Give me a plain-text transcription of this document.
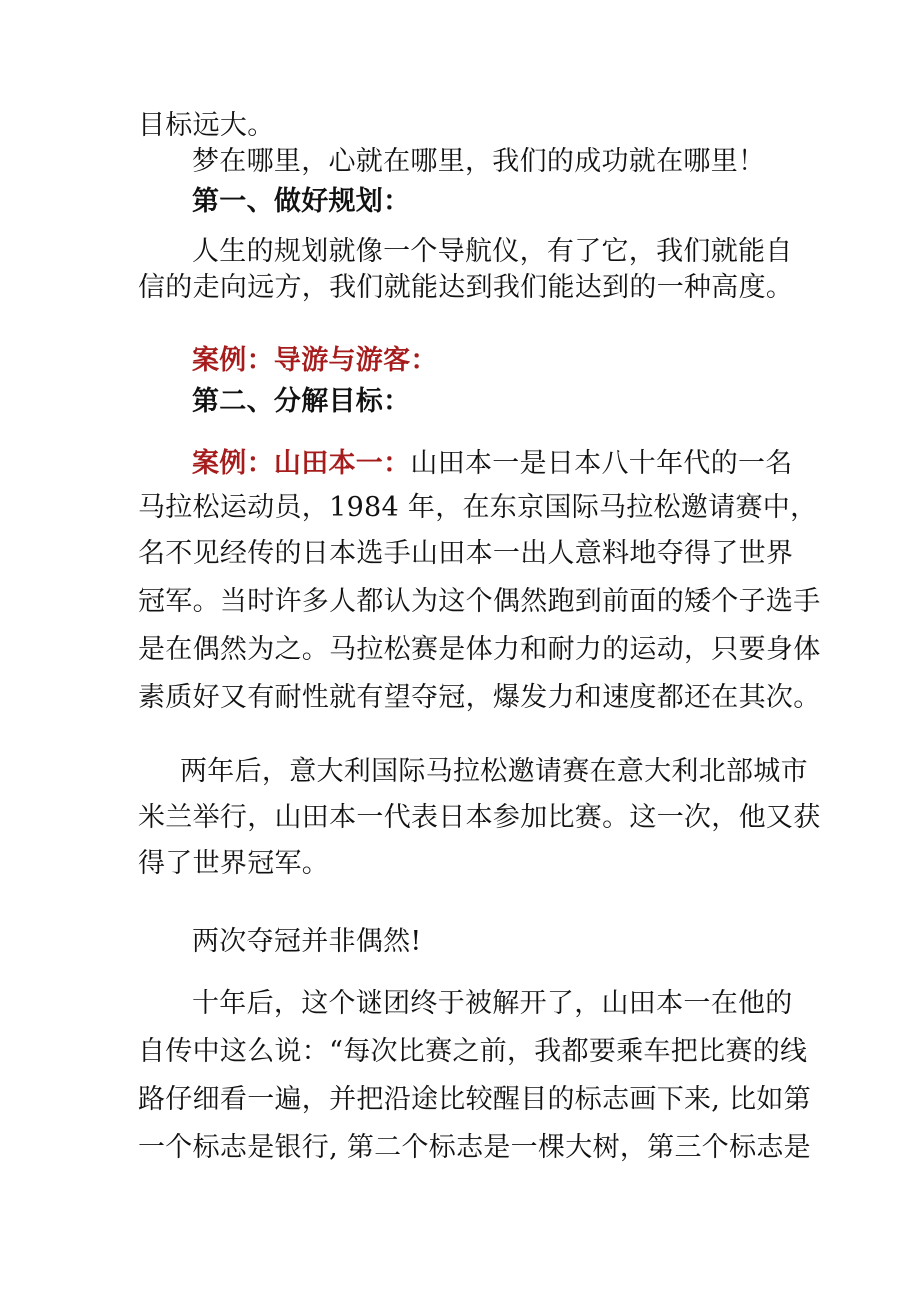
目标远大。
梦在哪里，心就在哪里，我们的成功就在哪里！
第一、做好规划：
人生的规划就像一个导航仪，有了它，我们就能自
信的走向远方，我们就能达到我们能达到的一种高度。
案例：导游与游客：
第二、分解目标：
案例：山田本一：山田本一是日本八十年代的一名
马拉松运动员，1984 年，在东京国际马拉松邀请赛中，
名不见经传的日本选手山田本一出人意料地夺得了世界
冠军。当时许多人都认为这个偶然跑到前面的矮个子选手
是在偶然为之。马拉松赛是体力和耐力的运动，只要身体
素质好又有耐性就有望夺冠，爆发力和速度都还在其次。
两年后，意大利国际马拉松邀请赛在意大利北部城市
米兰举行，山田本一代表日本参加比赛。这一次，他又获
得了世界冠军。
两次夺冠并非偶然!
十年后，这个谜团终于被解开了，山田本一在他的
自传中这么说：“每次比赛之前，我都要乘车把比赛的线
路仔细看一遍，并把沿途比较醒目的标志画下来, 比如第
一个标志是银行, 第二个标志是一棵大树，第三个标志是
